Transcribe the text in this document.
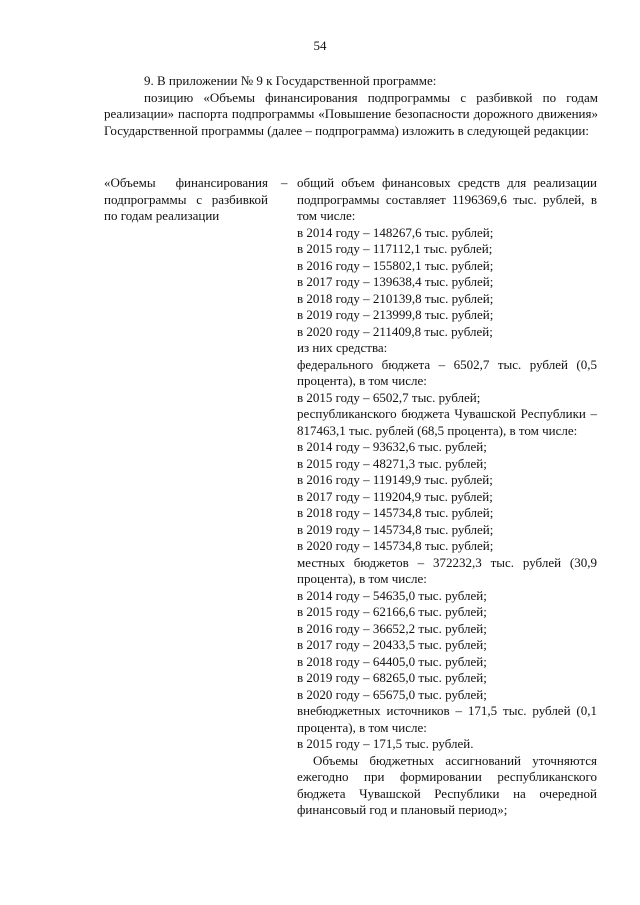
54

9. В приложении № 9 к Государственной программе:

позицию «Объемы финансирования подпрограммы с разбивкой по годам реализации» паспорта подпрограммы «Повышение безопасности дорожного движения» Государственной программы (далее – подпрограмма) изложить в следующей редакции:

«Объемы финансирования подпрограммы с разбивкой по годам реализации
– общий объем финансовых средств для реализации подпрограммы составляет 1196369,6 тыс. рублей, в том числе:
в 2014 году – 148267,6 тыс. рублей;
в 2015 году – 117112,1 тыс. рублей;
в 2016 году – 155802,1 тыс. рублей;
в 2017 году – 139638,4 тыс. рублей;
в 2018 году – 210139,8 тыс. рублей;
в 2019 году – 213999,8 тыс. рублей;
в 2020 году – 211409,8 тыс. рублей;
из них средства:
федерального бюджета – 6502,7 тыс. рублей (0,5 процента), в том числе:
в 2015 году – 6502,7 тыс. рублей;
республиканского бюджета Чувашской Республики – 817463,1 тыс. рублей (68,5 процента), в том числе:
в 2014 году – 93632,6 тыс. рублей;
в 2015 году – 48271,3 тыс. рублей;
в 2016 году – 119149,9 тыс. рублей;
в 2017 году – 119204,9 тыс. рублей;
в 2018 году – 145734,8 тыс. рублей;
в 2019 году – 145734,8 тыс. рублей;
в 2020 году – 145734,8 тыс. рублей;
местных бюджетов – 372232,3 тыс. рублей (30,9 процента), в том числе:
в 2014 году – 54635,0 тыс. рублей;
в 2015 году – 62166,6 тыс. рублей;
в 2016 году – 36652,2 тыс. рублей;
в 2017 году – 20433,5 тыс. рублей;
в 2018 году – 64405,0 тыс. рублей;
в 2019 году – 68265,0 тыс. рублей;
в 2020 году – 65675,0 тыс. рублей;
внебюджетных источников – 171,5 тыс. рублей (0,1 процента), в том числе:
в 2015 году – 171,5 тыс. рублей.
Объемы бюджетных ассигнований уточняются ежегодно при формировании республиканского бюджета Чувашской Республики на очередной финансовый год и плановый период»;
